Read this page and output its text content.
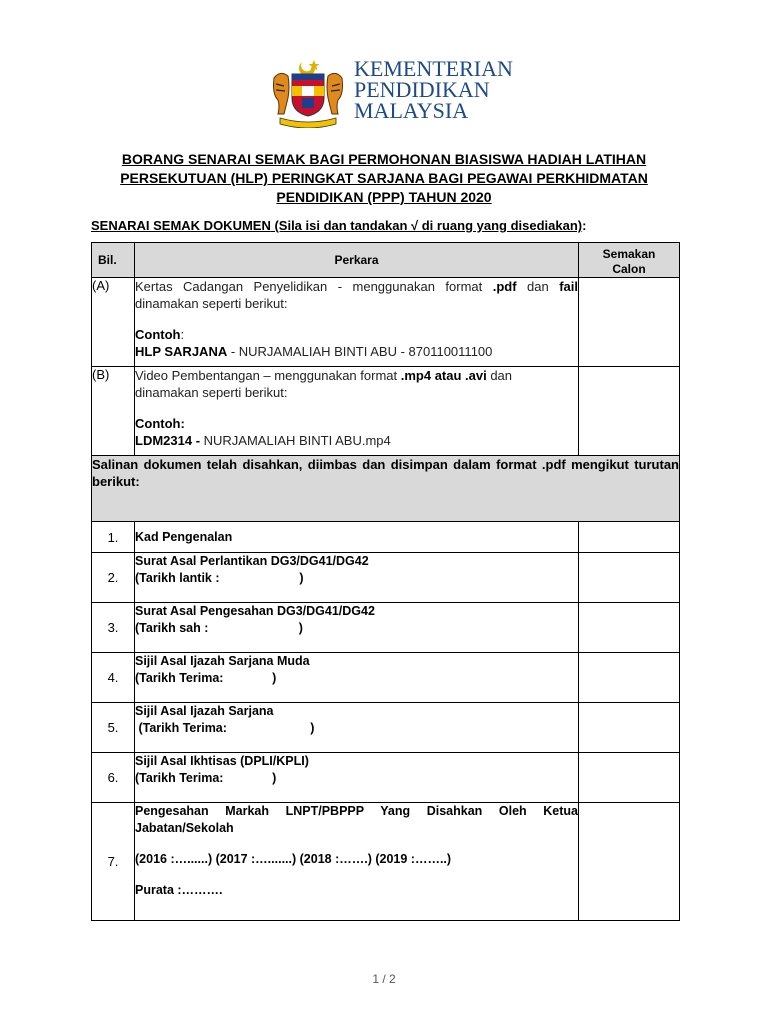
KEMENTERIAN
PENDIDIKAN
MALAYSIA
BORANG SENARAI SEMAK BAGI PERMOHONAN BIASISWA HADIAH LATIHAN
PERSEKUTUAN (HLP) PERINGKAT SARJANA BAGI PEGAWAI PERKHIDMATAN
PENDIDIKAN (PPP) TAHUN 2020
SENARAI SEMAK DOKUMEN (Sila isi dan tandakan √ di ruang yang disediakan):
Bil.	Perkara	Semakan
Calon

(A)	Kertas Cadangan Penyelidikan - menggunakan format .pdf dan fail dinamakan seperti berikut:
Contoh:
HLP SARJANA - NURJAMALIAH BINTI ABU - 870110011100	

(B)	Video Pembentangan – menggunakan format .mp4 atau .avi dan dinamakan seperti berikut:
Contoh:
LDM2314 - NURJAMALIAH BINTI ABU.mp4	

Salinan dokumen telah disahkan, diimbas dan disimpan dalam format .pdf mengikut turutan berikut:		
1.	Kad Pengenalan	

2.	Surat Asal Perlantikan DG3/DG41/DG42
(Tarikh lantik :                       )	

3.	Surat Asal Pengesahan DG3/DG41/DG42
(Tarikh sah :                          )	

4.	Sijil Asal Ijazah Sarjana Muda
(Tarikh Terima:              )	

5.	Sijil Asal Ijazah Sarjana
(Tarikh Terima:                        )	

6.	Sijil Asal Ikhtisas (DPLI/KPLI)
(Tarikh Terima:              )	

7.	Pengesahan Markah LNPT/PBPPP Yang Disahkan Oleh Ketua Jabatan/Sekolah
(2016 :…......) (2017 :….......) (2018 :…….) (2019 :……..)
Purata :……….	

1 / 2
